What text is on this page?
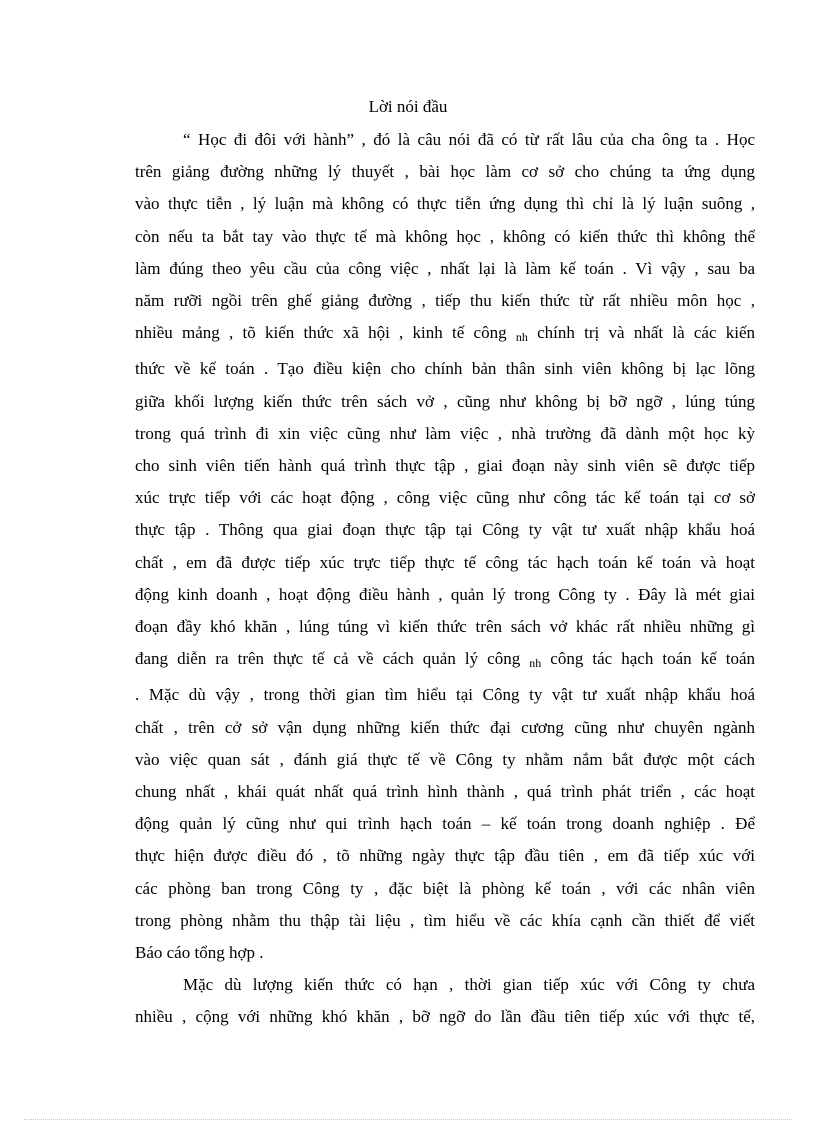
Lời nói đầu

“ Học đi đôi với hành” , đó là câu nói đã có từ rất lâu của cha ông ta . Học
trên giảng đường những lý thuyết , bài học làm cơ sở cho chúng ta ứng dụng
vào thực tiễn , lý luận mà không có thực tiễn ứng dụng thì chỉ là lý luận suông ,
còn nếu ta bắt tay vào thực tế mà không học , không có kiến thức thì không thể
làm đúng theo yêu cầu của công việc , nhất lại là làm kế toán . Vì vậy , sau ba
năm rưỡi ngồi trên ghế giảng đường , tiếp thu kiến thức từ rất nhiều môn học ,
nhiều mảng , tõ kiến thức xã hội , kinh tế công $_{nh}$ chính trị và nhất là các kiến
thức về kế toán . Tạo điều kiện cho chính bản thân sinh viên không bị lạc lõng
giữa khối lượng kiến thức trên sách vở , cũng như không bị bỡ ngỡ , lúng túng
trong quá trình đi xin việc cũng như làm việc , nhà trường đã dành một học kỳ
cho sinh viên tiến hành quá trình thực tập , giai đoạn này sinh viên sẽ được tiếp
xúc trực tiếp với các hoạt động , công việc cũng như công tác kế toán tại cơ sở
thực tập . Thông qua giai đoạn thực tập tại Công ty vật tư xuất nhập khẩu hoá
chất , em đã được tiếp xúc trực tiếp thực tế công tác hạch toán kế toán và hoạt
động kinh doanh , hoạt động điều hành , quản lý trong Công ty . Đây là mét giai
đoạn đầy khó khăn , lúng túng vì kiến thức trên sách vở khác rất nhiều những gì
đang diễn ra trên thực tế cả về cách quản lý công $_{nh}$ công tác hạch toán kế toán
. Mặc dù vậy , trong thời gian tìm hiểu tại Công ty vật tư xuất nhập khẩu hoá
chất , trên cở sở vận dụng những kiến thức đại cương cũng như chuyên ngành
vào việc quan sát , đánh giá thực tế về Công ty nhằm nắm bắt được một cách
chung nhất , khái quát nhất quá trình hình thành , quá trình phát triển , các hoạt
động quản lý cũng như qui trình hạch toán – kế toán trong doanh nghiệp . Để
thực hiện được điều đó , tõ những ngày thực tập đầu tiên , em đã tiếp xúc với
các phòng ban trong Công ty , đặc biệt là phòng kế toán , với các nhân viên
trong phòng nhằm thu thập tài liệu , tìm hiểu về các khía cạnh cần thiết để viết
Báo cáo tổng hợp .

Mặc dù lượng kiến thức có hạn , thời gian tiếp xúc với Công ty chưa
nhiều , cộng với những khó khăn , bỡ ngỡ do lần đầu tiên tiếp xúc với thực tế,
